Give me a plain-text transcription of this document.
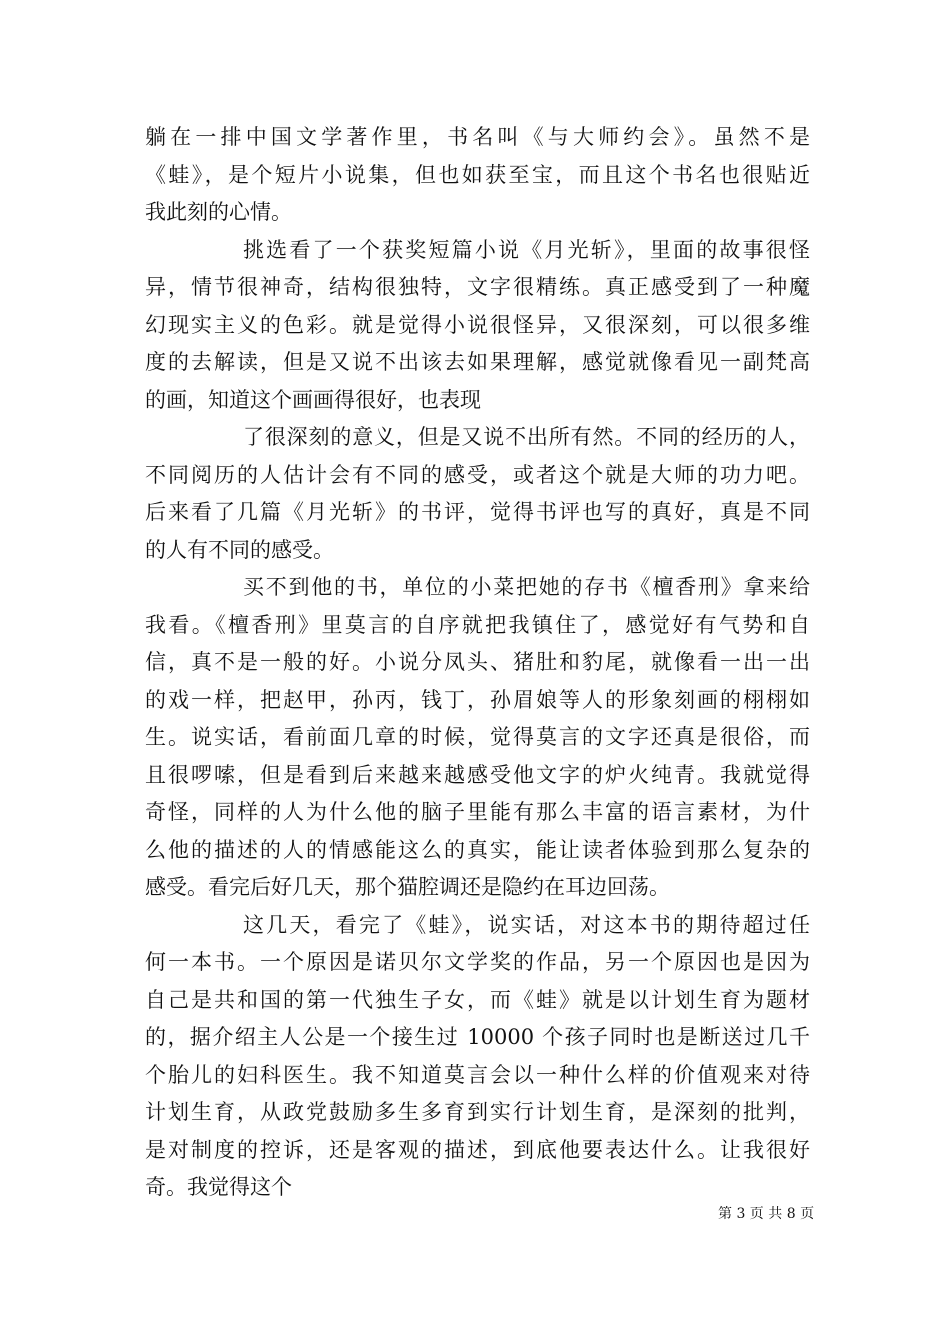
躺在一排中国文学著作里，书名叫《与大师约会》。虽然不是
《蛙》，是个短片小说集，但也如获至宝，而且这个书名也很贴近
我此刻的心情。
挑选看了一个获奖短篇小说《月光斩》，里面的故事很怪
异，情节很神奇，结构很独特，文字很精练。真正感受到了一种魔
幻现实主义的色彩。就是觉得小说很怪异，又很深刻，可以很多维
度的去解读，但是又说不出该去如果理解，感觉就像看见一副梵高
的画，知道这个画画得很好，也表现
了很深刻的意义，但是又说不出所有然。不同的经历的人，
不同阅历的人估计会有不同的感受，或者这个就是大师的功力吧。
后来看了几篇《月光斩》的书评，觉得书评也写的真好，真是不同
的人有不同的感受。
买不到他的书，单位的小菜把她的存书《檀香刑》拿来给
我看。《檀香刑》里莫言的自序就把我镇住了，感觉好有气势和自
信，真不是一般的好。小说分凤头、猪肚和豹尾，就像看一出一出
的戏一样，把赵甲，孙丙，钱丁，孙眉娘等人的形象刻画的栩栩如
生。说实话，看前面几章的时候，觉得莫言的文字还真是很俗，而
且很啰嗦，但是看到后来越来越感受他文字的炉火纯青。我就觉得
奇怪，同样的人为什么他的脑子里能有那么丰富的语言素材，为什
么他的描述的人的情感能这么的真实，能让读者体验到那么复杂的
感受。看完后好几天，那个猫腔调还是隐约在耳边回荡。
这几天，看完了《蛙》，说实话，对这本书的期待超过任
何一本书。一个原因是诺贝尔文学奖的作品，另一个原因也是因为
自己是共和国的第一代独生子女，而《蛙》就是以计划生育为题材
的，据介绍主人公是一个接生过 10000 个孩子同时也是断送过几千
个胎儿的妇科医生。我不知道莫言会以一种什么样的价值观来对待
计划生育，从政党鼓励多生多育到实行计划生育，是深刻的批判，
是对制度的控诉，还是客观的描述，到底他要表达什么。让我很好
奇。我觉得这个
第 3 页 共 8 页
